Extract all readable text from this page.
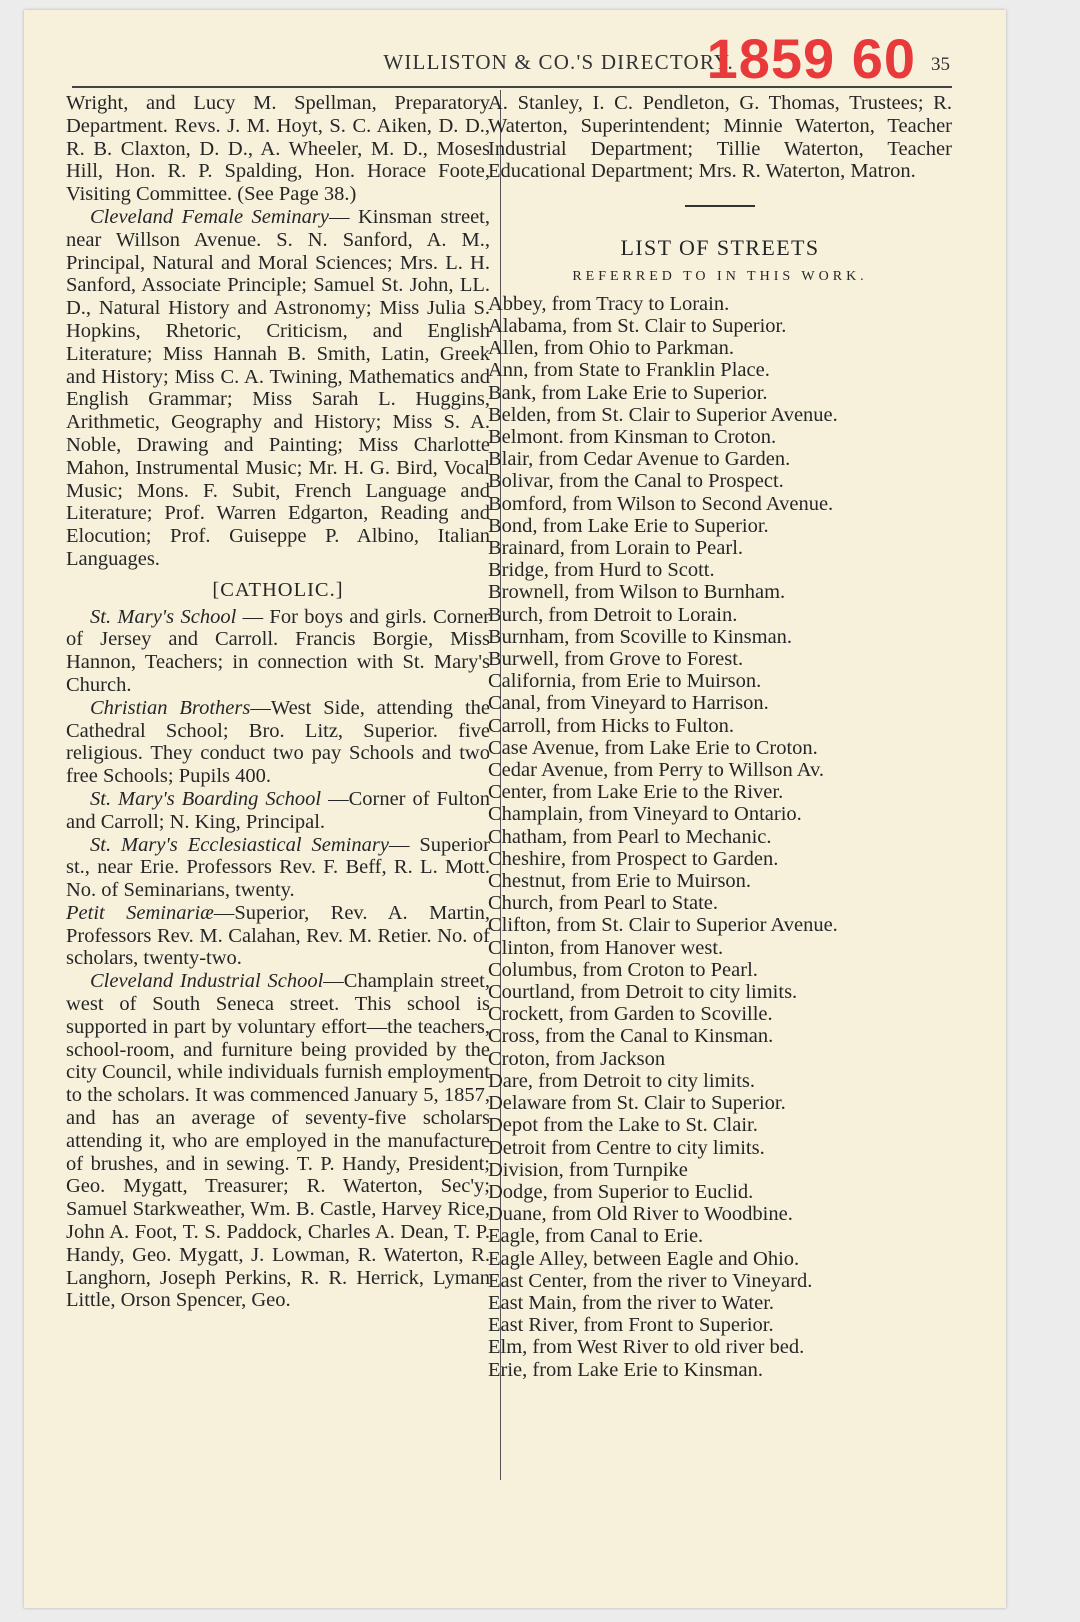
WILLISTON & CO.'S DIRECTORY.
1859 60 35

Wright, and Lucy M. Spellman, Preparatory Department. Revs. J. M. Hoyt, S. C. Aiken, D. D., R. B. Claxton, D. D., A. Wheeler, M. D., Moses Hill, Hon. R. P. Spalding, Hon. Horace Foote, Visiting Committee. (See Page 38.)

Cleveland Female Seminary— Kinsman street, near Willson Avenue. S. N. Sanford, A. M., Principal, Natural and Moral Sciences; Mrs. L. H. Sanford, Associate Principle; Samuel St. John, LL. D., Natural History and Astronomy; Miss Julia S. Hopkins, Rhetoric, Criticism, and English Literature; Miss Hannah B. Smith, Latin, Greek and History; Miss C. A. Twining, Mathematics and English Grammar; Miss Sarah L. Huggins, Arithmetic, Geography and History; Miss S. A. Noble, Drawing and Painting; Miss Charlotte Mahon, Instrumental Music; Mr. H. G. Bird, Vocal Music; Mons. F. Subit, French Language and Literature; Prof. Warren Edgarton, Reading and Elocution; Prof. Guiseppe P. Albino, Italian Languages.

[CATHOLIC.]

St. Mary's School — For boys and girls. Corner of Jersey and Carroll. Francis Borgie, Miss Hannon, Teachers; in connection with St. Mary's Church.

Christian Brothers—West Side, attending the Cathedral School; Bro. Litz, Superior. five religious. They conduct two pay Schools and two free Schools; Pupils 400.

St. Mary's Boarding School —Corner of Fulton and Carroll; N. King, Principal.

St. Mary's Ecclesiastical Seminary— Superior st., near Erie. Professors Rev. F. Beff, R. L. Mott. No. of Seminarians, twenty.

Petit Seminariæ—Superior, Rev. A. Martin, Professors Rev. M. Calahan, Rev. M. Retier. No. of scholars, twenty-two.

Cleveland Industrial School—Champlain street, west of South Seneca street. This school is supported in part by voluntary effort—the teachers, school-room, and furniture being provided by the city Council, while individuals furnish employment to the scholars. It was commenced January 5, 1857, and has an average of seventy-five scholars attending it, who are employed in the manufacture of brushes, and in sewing. T. P. Handy, President; Geo. Mygatt, Treasurer; R. Waterton, Sec'y; Samuel Starkweather, Wm. B. Castle, Harvey Rice, John A. Foot, T. S. Paddock, Charles A. Dean, T. P. Handy, Geo. Mygatt, J. Lowman, R. Waterton, R. Langhorn, Joseph Perkins, R. R. Herrick, Lyman Little, Orson Spencer, Geo.

A. Stanley, I. C. Pendleton, G. Thomas, Trustees; R. Waterton, Superintendent; Minnie Waterton, Teacher Industrial Department; Tillie Waterton, Teacher Educational Department; Mrs. R. Waterton, Matron.

LIST OF STREETS

REFERRED TO IN THIS WORK.

Abbey, from Tracy to Lorain.
Alabama, from St. Clair to Superior.
Allen, from Ohio to Parkman.
Ann, from State to Franklin Place.
Bank, from Lake Erie to Superior.
Belden, from St. Clair to Superior Avenue.
Belmont. from Kinsman to Croton.
Blair, from Cedar Avenue to Garden.
Bolivar, from the Canal to Prospect.
Bomford, from Wilson to Second Avenue.
Bond, from Lake Erie to Superior.
Brainard, from Lorain to Pearl.
Bridge, from Hurd to Scott.
Brownell, from Wilson to Burnham.
Burch, from Detroit to Lorain.
Burnham, from Scoville to Kinsman.
Burwell, from Grove to Forest.
California, from Erie to Muirson.
Canal, from Vineyard to Harrison.
Carroll, from Hicks to Fulton.
Case Avenue, from Lake Erie to Croton.
Cedar Avenue, from Perry to Willson Av.
Center, from Lake Erie to the River.
Champlain, from Vineyard to Ontario.
Chatham, from Pearl to Mechanic.
Cheshire, from Prospect to Garden.
Chestnut, from Erie to Muirson.
Church, from Pearl to State.
Clifton, from St. Clair to Superior Avenue.
Clinton, from Hanover west.
Columbus, from Croton to Pearl.
Courtland, from Detroit to city limits.
Crockett, from Garden to Scoville.
Cross, from the Canal to Kinsman.
Croton, from Jackson
Dare, from Detroit to city limits.
Delaware from St. Clair to Superior.
Depot from the Lake to St. Clair.
Detroit from Centre to city limits.
Division, from Turnpike
Dodge, from Superior to Euclid.
Duane, from Old River to Woodbine.
Eagle, from Canal to Erie.
Eagle Alley, between Eagle and Ohio.
East Center, from the river to Vineyard.
East Main, from the river to Water.
East River, from Front to Superior.
Elm, from West River to old river bed.
Erie, from Lake Erie to Kinsman.
